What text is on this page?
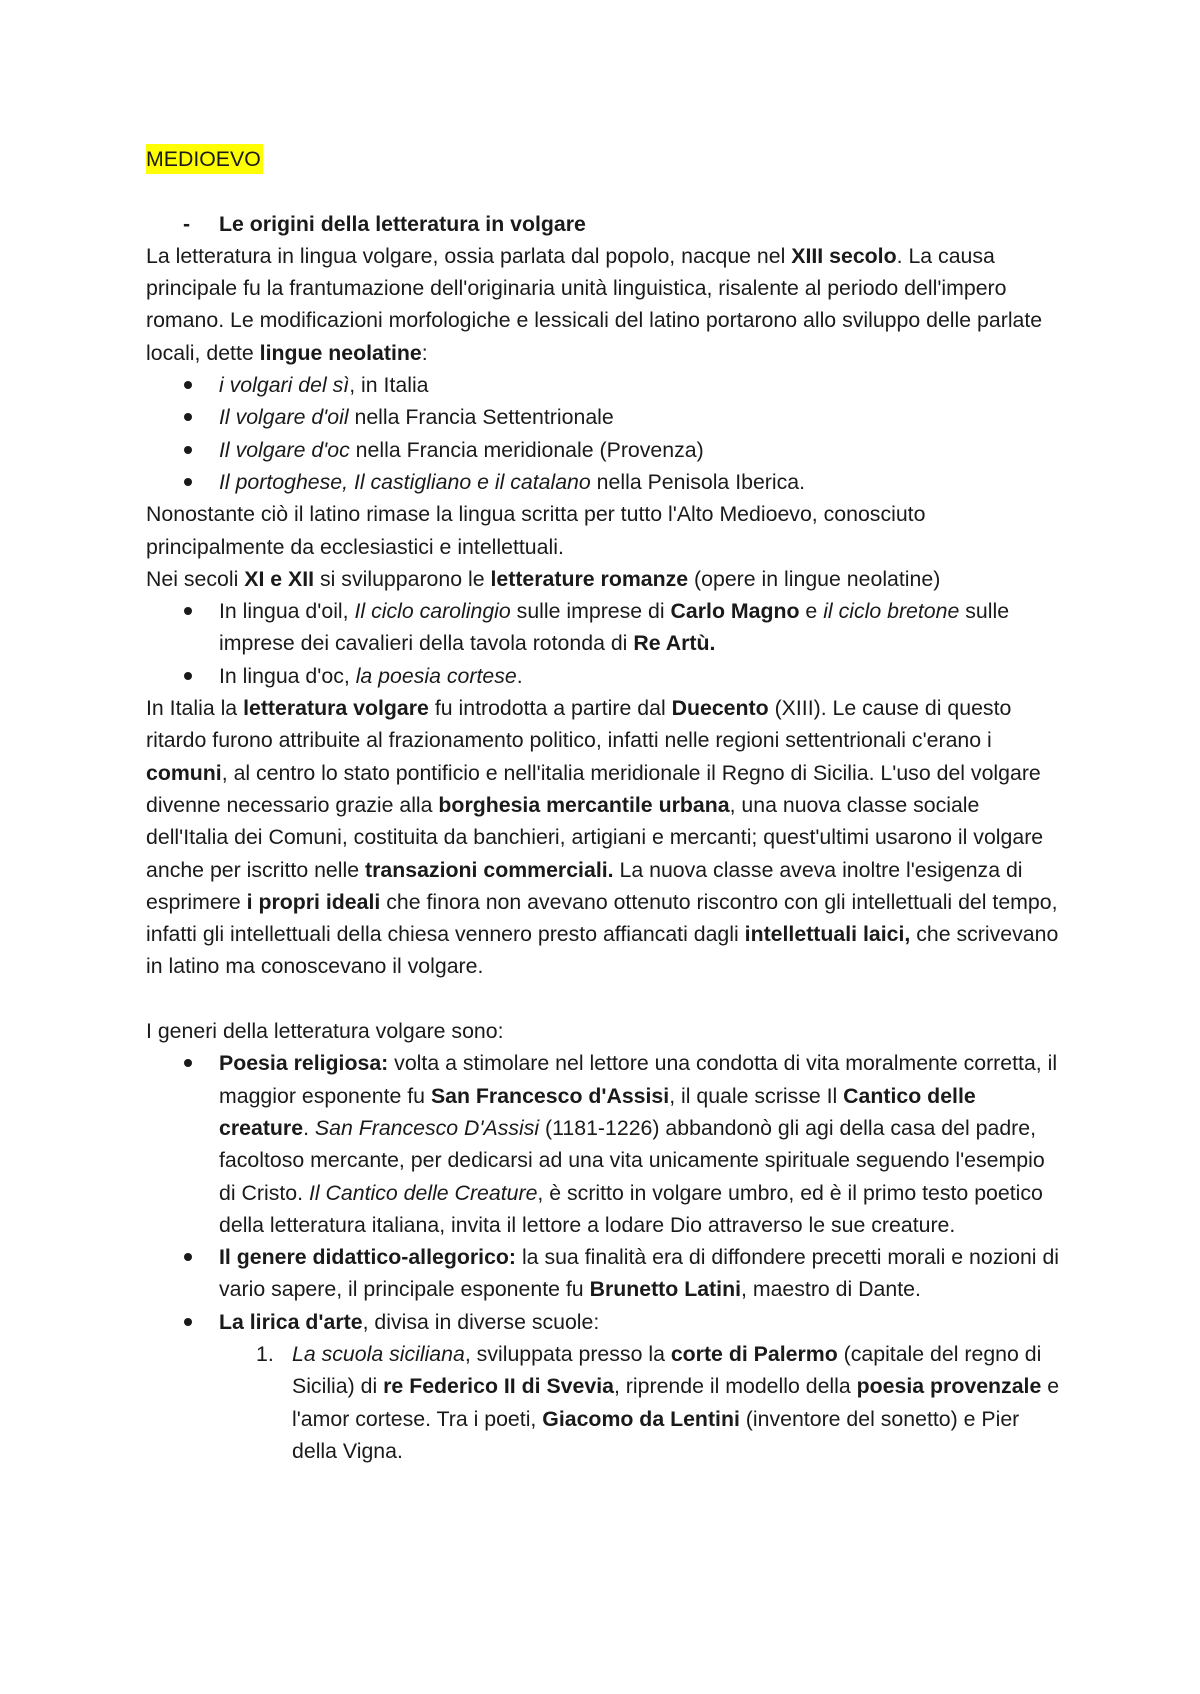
MEDIOEVO
- Le origini della letteratura in volgare

La letteratura in lingua volgare, ossia parlata dal popolo, nacque nel XIII secolo. La causa principale fu la frantumazione dell'originaria unità linguistica, risalente al periodo dell'impero romano. Le modificazioni morfologiche e lessicali del latino portarono allo sviluppo delle parlate locali, dette lingue neolatine:

i volgari del sì, in Italia
Il volgare d'oil nella Francia Settentrionale
Il volgare d'oc nella Francia meridionale (Provenza)
Il portoghese, Il castigliano e il catalano nella Penisola Iberica.

Nonostante ciò il latino rimase la lingua scritta per tutto l'Alto Medioevo, conosciuto principalmente da ecclesiastici e intellettuali.

Nei secoli XI e XII si svilupparono le letterature romanze (opere in lingue neolatine)

In lingua d'oil, Il ciclo carolingio sulle imprese di Carlo Magno e il ciclo bretone sulle imprese dei cavalieri della tavola rotonda di Re Artù.
In lingua d'oc, la poesia cortese.

In Italia la letteratura volgare fu introdotta a partire dal Duecento (XIII). Le cause di questo ritardo furono attribuite al frazionamento politico, infatti nelle regioni settentrionali c'erano i comuni, al centro lo stato pontificio e nell'italia meridionale il Regno di Sicilia. L'uso del volgare divenne necessario grazie alla borghesia mercantile urbana, una nuova classe sociale dell'Italia dei Comuni, costituita da banchieri, artigiani e mercanti; quest'ultimi usarono il volgare anche per iscritto nelle transazioni commerciali. La nuova classe aveva inoltre l'esigenza di esprimere i propri ideali che finora non avevano ottenuto riscontro con gli intellettuali del tempo, infatti gli intellettuali della chiesa vennero presto affiancati dagli intellettuali laici, che scrivevano in latino ma conoscevano il volgare.

I generi della letteratura volgare sono:

Poesia religiosa: volta a stimolare nel lettore una condotta di vita moralmente corretta, il maggior esponente fu San Francesco d'Assisi, il quale scrisse Il Cantico delle creature. San Francesco D'Assisi (1181-1226) abbandonò gli agi della casa del padre, facoltoso mercante, per dedicarsi ad una vita unicamente spirituale seguendo l'esempio di Cristo. Il Cantico delle Creature, è scritto in volgare umbro, ed è il primo testo poetico della letteratura italiana, invita il lettore a lodare Dio attraverso le sue creature.
Il genere didattico-allegorico: la sua finalità era di diffondere precetti morali e nozioni di vario sapere, il principale esponente fu Brunetto Latini, maestro di Dante.
La lirica d'arte, divisa in diverse scuole:
1. La scuola siciliana, sviluppata presso la corte di Palermo (capitale del regno di Sicilia) di re Federico II di Svevia, riprende il modello della poesia provenzale e l'amor cortese. Tra i poeti, Giacomo da Lentini (inventore del sonetto) e Pier della Vigna.
